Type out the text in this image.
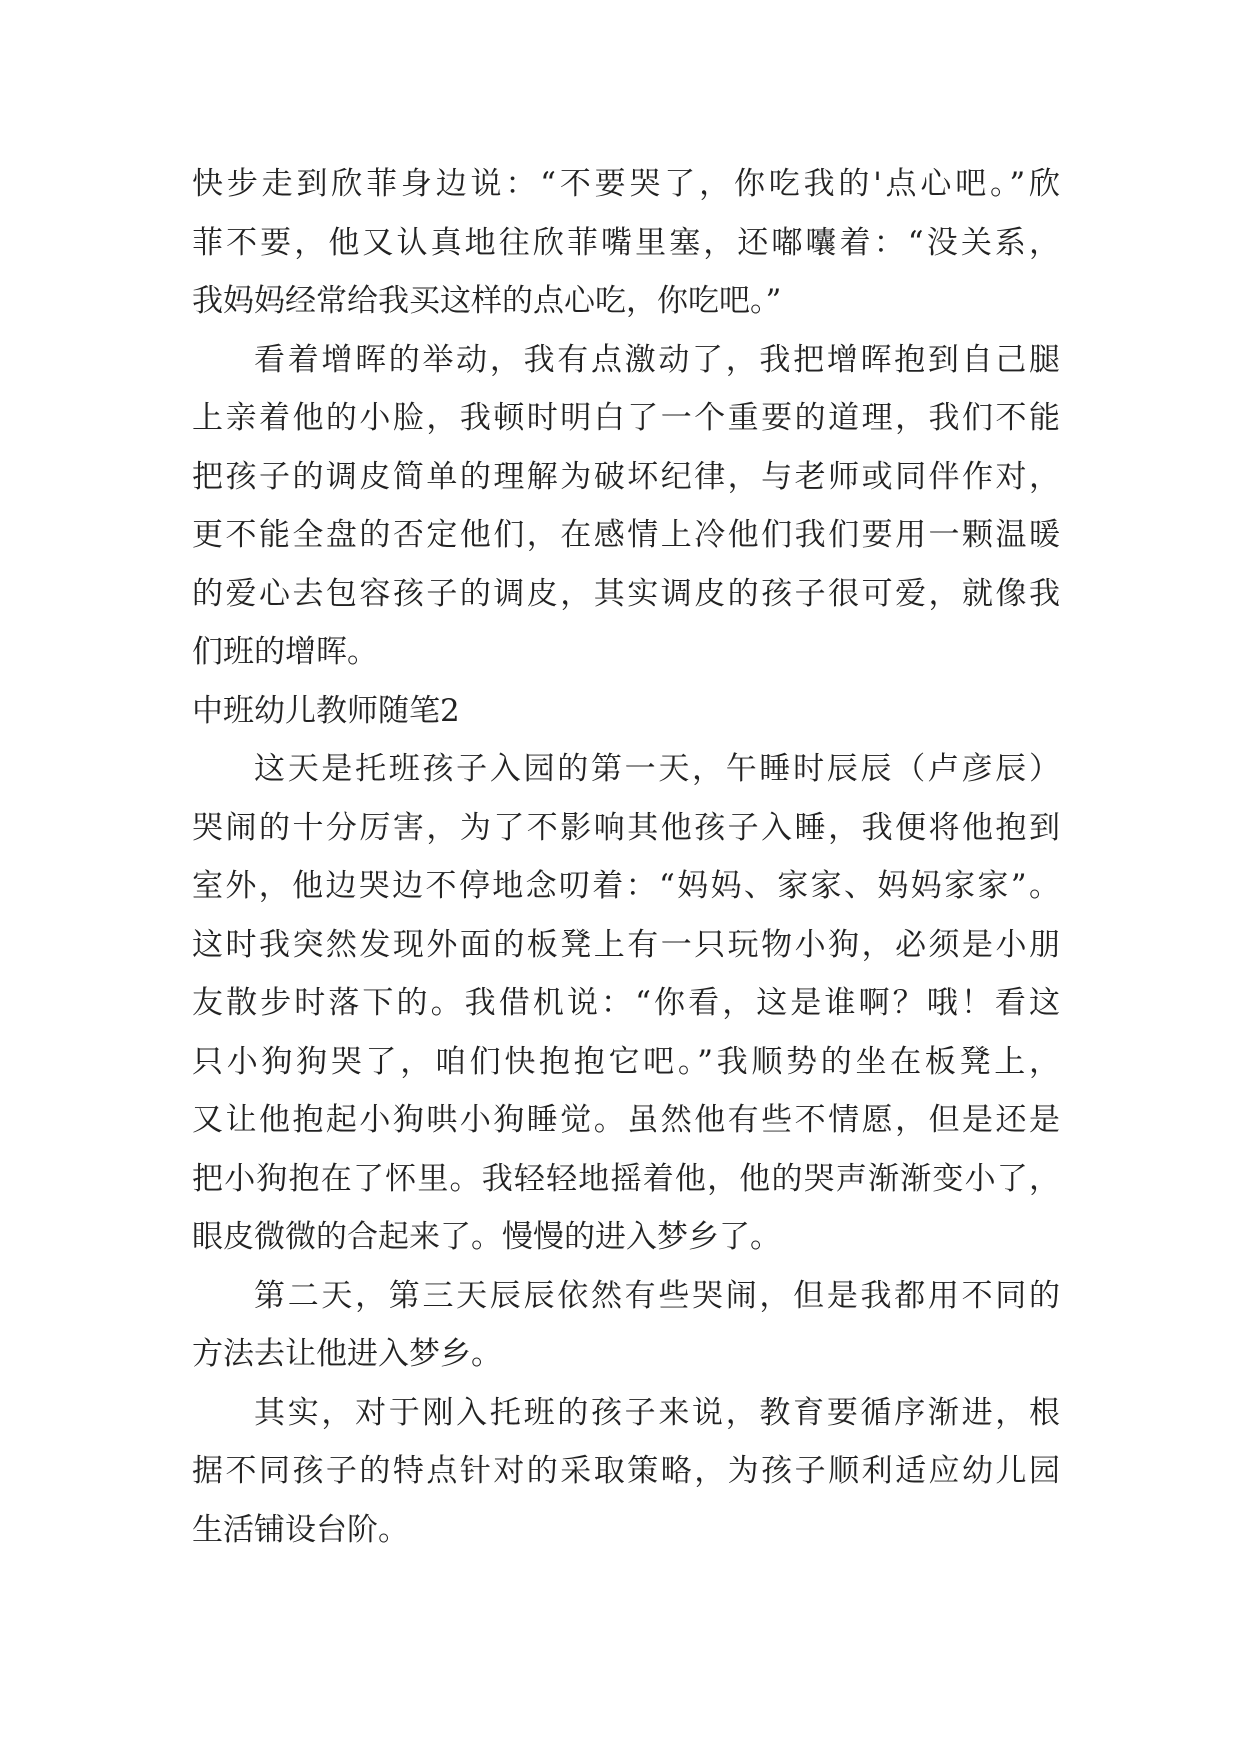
快步走到欣菲身边说：“不要哭了，你吃我的'点心吧。”欣
菲不要，他又认真地往欣菲嘴里塞，还嘟囔着：“没关系，
我妈妈经常给我买这样的点心吃，你吃吧。”
看着增晖的举动，我有点激动了，我把增晖抱到自己腿
上亲着他的小脸，我顿时明白了一个重要的道理，我们不能
把孩子的调皮简单的理解为破坏纪律，与老师或同伴作对，
更不能全盘的否定他们，在感情上冷他们我们要用一颗温暖
的爱心去包容孩子的调皮，其实调皮的孩子很可爱，就像我
们班的增晖。
中班幼儿教师随笔2
这天是托班孩子入园的第一天，午睡时辰辰（卢彦辰）
哭闹的十分厉害，为了不影响其他孩子入睡，我便将他抱到
室外，他边哭边不停地念叨着：“妈妈、家家、妈妈家家”。
这时我突然发现外面的板凳上有一只玩物小狗，必须是小朋
友散步时落下的。我借机说：“你看，这是谁啊？哦！看这
只小狗狗哭了，咱们快抱抱它吧。”我顺势的坐在板凳上，
又让他抱起小狗哄小狗睡觉。虽然他有些不情愿，但是还是
把小狗抱在了怀里。我轻轻地摇着他，他的哭声渐渐变小了，
眼皮微微的合起来了。慢慢的进入梦乡了。
第二天，第三天辰辰依然有些哭闹，但是我都用不同的
方法去让他进入梦乡。
其实，对于刚入托班的孩子来说，教育要循序渐进，根
据不同孩子的特点针对的采取策略，为孩子顺利适应幼儿园
生活铺设台阶。
